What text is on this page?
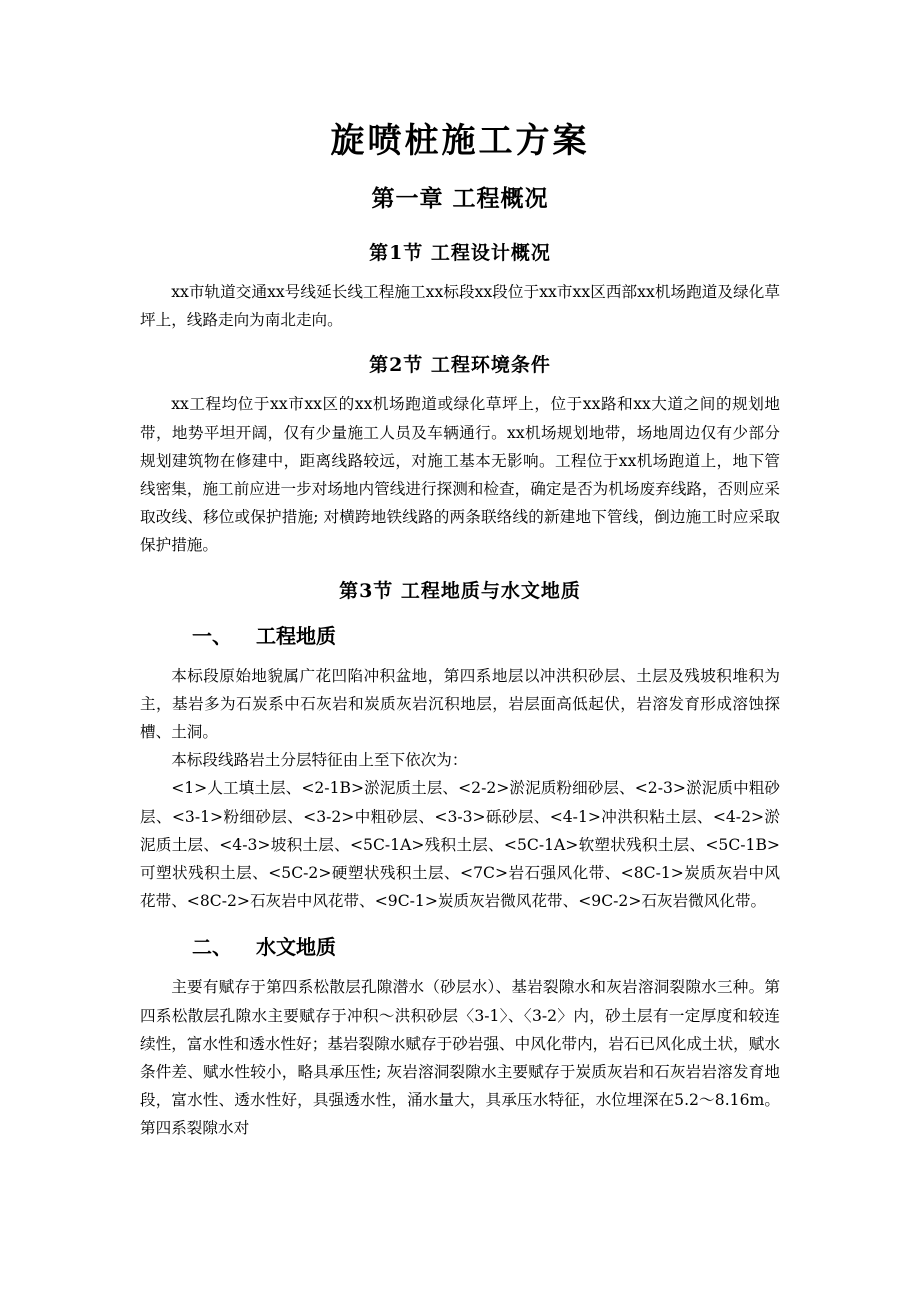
旋喷桩施工方案
第一章 工程概况
第1节 工程设计概况

xx市轨道交通xx号线延长线工程施工xx标段xx段位于xx市xx区西部xx机场跑道及绿化草坪上，线路走向为南北走向。

第2节 工程环境条件

xx工程均位于xx市xx区的xx机场跑道或绿化草坪上，位于xx路和xx大道之间的规划地带，地势平坦开阔，仅有少量施工人员及车辆通行。xx机场规划地带，场地周边仅有少部分规划建筑物在修建中，距离线路较远，对施工基本无影响。工程位于xx机场跑道上，地下管线密集，施工前应进一步对场地内管线进行探测和检查，确定是否为机场废弃线路，否则应采取改线、移位或保护措施; 对横跨地铁线路的两条联络线的新建地下管线，倒边施工时应采取保护措施。

第3节 工程地质与水文地质
一、 工程地质

本标段原始地貌属广花凹陷冲积盆地，第四系地层以冲洪积砂层、土层及残坡积堆积为主，基岩多为石炭系中石灰岩和炭质灰岩沉积地层，岩层面高低起伏，岩溶发育形成溶蚀探槽、土洞。

本标段线路岩土分层特征由上至下依次为：

<1>人工填土层、<2-1B>淤泥质土层、<2-2>淤泥质粉细砂层、<2-3>淤泥质中粗砂层、<3-1>粉细砂层、<3-2>中粗砂层、<3-3>砾砂层、<4-1>冲洪积粘土层、<4-2>淤泥质土层、<4-3>坡积土层、<5C-1A>残积土层、<5C-1A>软塑状残积土层、<5C-1B>可塑状残积土层、<5C-2>硬塑状残积土层、<7C>岩石强风化带、<8C-1>炭质灰岩中风花带、<8C-2>石灰岩中风花带、<9C-1>炭质灰岩微风花带、<9C-2>石灰岩微风化带。

二、 水文地质

主要有赋存于第四系松散层孔隙潜水（砂层水）、基岩裂隙水和灰岩溶洞裂隙水三种。第四系松散层孔隙水主要赋存于冲积～洪积砂层〈3-1〉、〈3-2〉内，砂土层有一定厚度和较连续性，富水性和透水性好；基岩裂隙水赋存于砂岩强、中风化带内，岩石已风化成土状，赋水条件差、赋水性较小，略具承压性; 灰岩溶洞裂隙水主要赋存于炭质灰岩和石灰岩岩溶发育地段，富水性、透水性好，具强透水性，涌水量大，具承压水特征，水位埋深在5.2～8.16m。第四系裂隙水对
